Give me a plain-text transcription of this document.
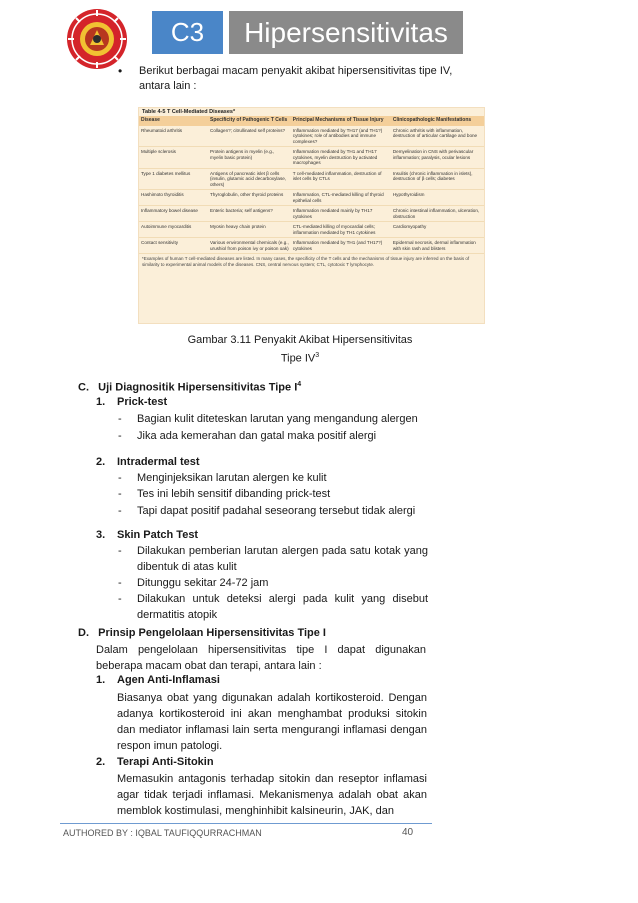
C3	Hipersensitivitas
• Berikut berbagai macam penyakit akibat hipersensitivitas tipe IV, antara lain :
Table 4-5 T Cell-Mediated Diseases*
Disease	Specificity of Pathogenic T Cells	Principal Mechanisms of Tissue Injury	Clinicopathologic Manifestations
Rheumatoid arthritis	Collagen?; citrullinated self proteins?	Inflammation mediated by TH17 (and TH1?) cytokines; role of antibodies and immune complexes?	Chronic arthritis with inflammation, destruction of articular cartilage and bone
Multiple sclerosis	Protein antigens in myelin (e.g., myelin basic protein)	Inflammation mediated by TH1 and TH17 cytokines, myelin destruction by activated macrophages	Demyelination in CNS with perivascular inflammation; paralysis, ocular lesions
Type 1 diabetes mellitus	Antigens of pancreatic islet β cells (insulin, glutamic acid decarboxylase, others)	T cell-mediated inflammation, destruction of islet cells by CTLs	Insulitis (chronic inflammation in islets), destruction of β cells; diabetes
Hashimoto thyroiditis	Thyroglobulin, other thyroid proteins	Inflammation, CTL-mediated killing of thyroid epithelial cells	Hypothyroidism
Inflammatory bowel disease	Enteric bacteria; self antigens?	Inflammation mediated mainly by TH17 cytokines	Chronic intestinal inflammation, ulceration, obstruction
Autoimmune myocarditis	Myosin heavy chain protein	CTL-mediated killing of myocardial cells; inflammation mediated by TH1 cytokines	Cardiomyopathy
Contact sensitivity	Various environmental chemicals (e.g., urushiol from poison ivy or poison oak)	Inflammation mediated by TH1 (and TH17?) cytokines	Epidermal necrosis, dermal inflammation with skin rash and blisters
*Examples of human T cell-mediated diseases are listed. In many cases, the specificity of the T cells and the mechanisms of tissue injury are inferred on the basis of similarity to experimental animal models of the diseases. CNS, central nervous system; CTL, cytotoxic T lymphocyte.
Gambar 3.11 Penyakit Akibat Hipersensitivitas
Tipe $IV^3$
C. Uji Diagnositik Hipersensitivitas Tipe $I^4$
1. Prick-test
- Bagian kulit diteteskan larutan yang mengandung alergen
- Jika ada kemerahan dan gatal maka positif alergi
2. Intradermal test
- Menginjeksikan larutan alergen ke kulit
- Tes ini lebih sensitif dibanding prick-test
- Tapi dapat positif padahal seseorang tersebut tidak alergi
3. Skin Patch Test
- Dilakukan pemberian larutan alergen pada satu kotak yang dibentuk di atas kulit
- Ditunggu sekitar 24-72 jam
- Dilakukan untuk deteksi alergi pada kulit yang disebut dermatitis atopik
D. Prinsip Pengelolaan Hipersensitivitas Tipe I
Dalam pengelolaan hipersensitivitas tipe I dapat digunakan beberapa macam obat dan terapi, antara lain :
1. Agen Anti-Inflamasi
Biasanya obat yang digunakan adalah kortikosteroid. Dengan adanya kortikosteroid ini akan menghambat produksi sitokin dan mediator inflamasi lain serta mengurangi inflamasi dengan respon imun patologi.
2. Terapi Anti-Sitokin
Memasukin antagonis terhadap sitokin dan reseptor inflamasi agar tidak terjadi inflamasi. Mekanismenya adalah obat akan memblok kostimulasi, menghinhibit kalsineurin, JAK, dan
AUTHORED BY : IQBAL TAUFIQQURRACHMAN	40
